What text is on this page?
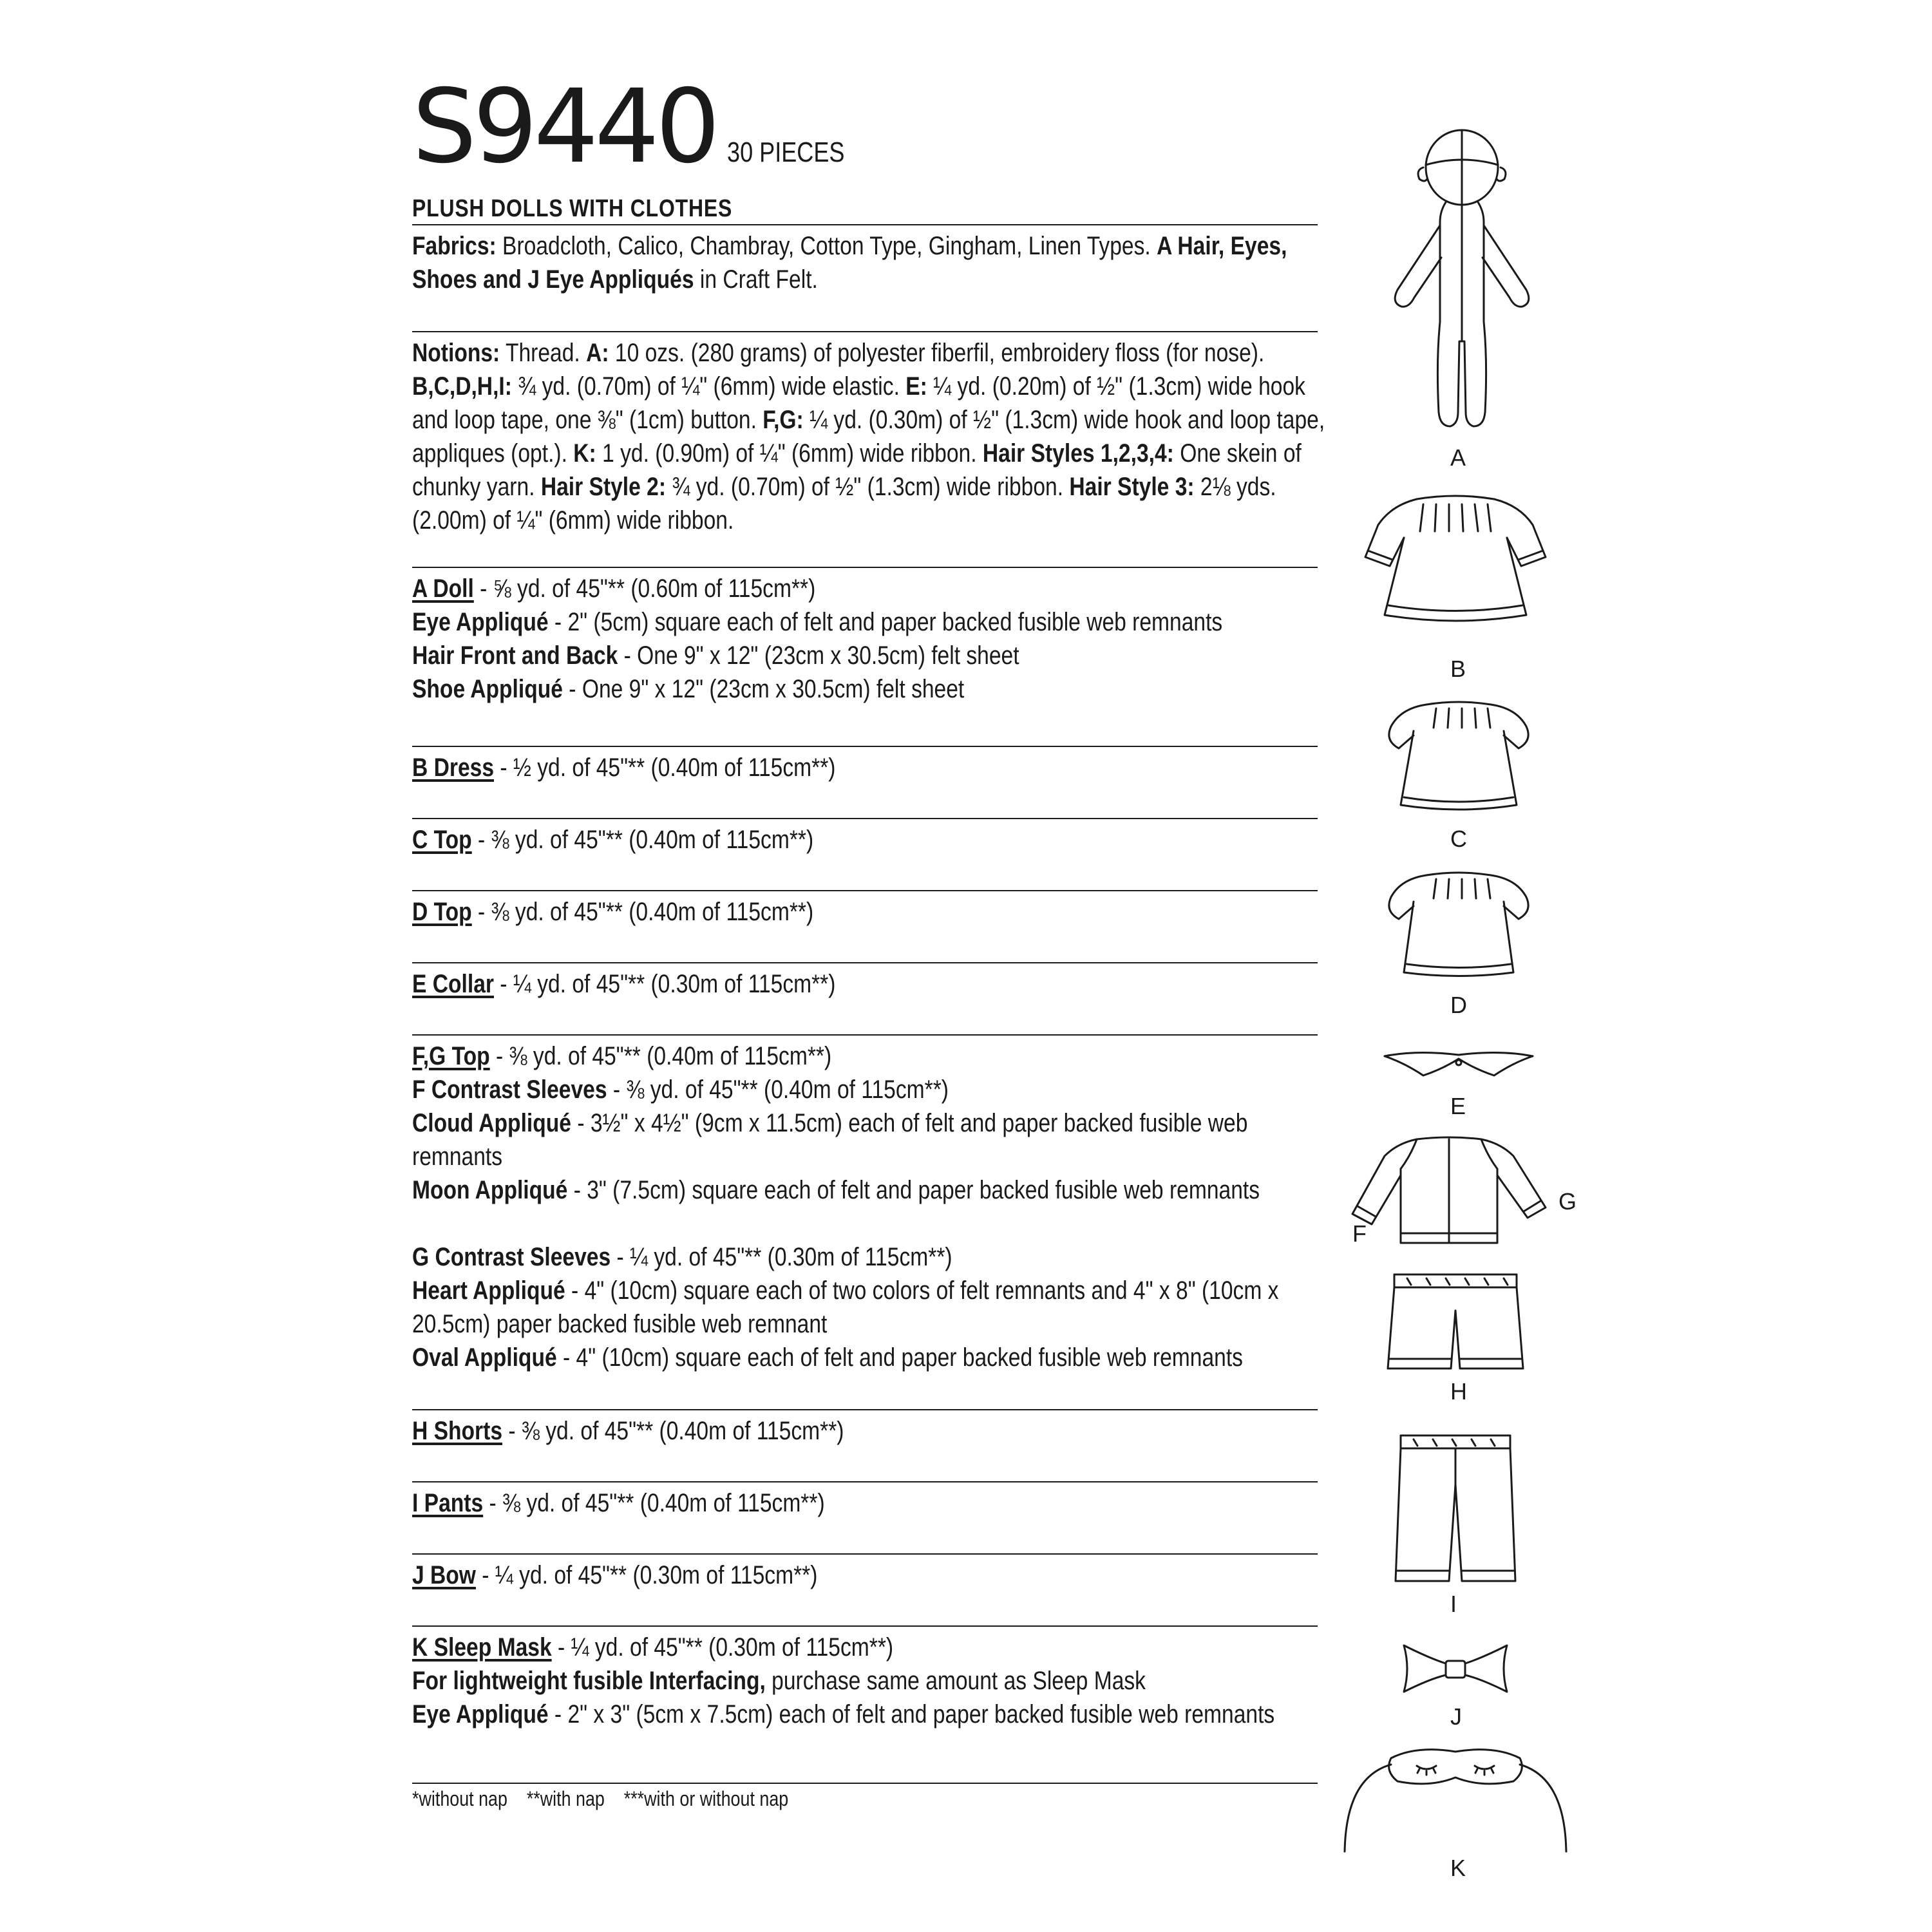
S9440 30 PIECES
PLUSH DOLLS WITH CLOTHES
Fabrics: Broadcloth, Calico, Chambray, Cotton Type, Gingham, Linen Types. A Hair, Eyes, Shoes and J Eye Appliqués in Craft Felt.
Notions: Thread. A: 10 ozs. (280 grams) of polyester fiberfil, embroidery floss (for nose). B,C,D,H,I: ¾ yd. (0.70m) of ¼" (6mm) wide elastic. E: ¼ yd. (0.20m) of ½" (1.3cm) wide hook and loop tape, one ⅜" (1cm) button. F,G: ¼ yd. (0.30m) of ½" (1.3cm) wide hook and loop tape, appliques (opt.). K: 1 yd. (0.90m) of ¼" (6mm) wide ribbon. Hair Styles 1,2,3,4: One skein of chunky yarn. Hair Style 2: ¾ yd. (0.70m) of ½" (1.3cm) wide ribbon. Hair Style 3: 2⅛ yds. (2.00m) of ¼" (6mm) wide ribbon.
A Doll - ⅝ yd. of 45"** (0.60m of 115cm**)
Eye Appliqué - 2" (5cm) square each of felt and paper backed fusible web remnants
Hair Front and Back - One 9" x 12" (23cm x 30.5cm) felt sheet
Shoe Appliqué - One 9" x 12" (23cm x 30.5cm) felt sheet
B Dress - ½ yd. of 45"** (0.40m of 115cm**)
C Top - ⅜ yd. of 45"** (0.40m of 115cm**)
D Top - ⅜ yd. of 45"** (0.40m of 115cm**)
E Collar - ¼ yd. of 45"** (0.30m of 115cm**)
F,G Top - ⅜ yd. of 45"** (0.40m of 115cm**)
F Contrast Sleeves - ⅜ yd. of 45"** (0.40m of 115cm**)
Cloud Appliqué - 3½" x 4½" (9cm x 11.5cm) each of felt and paper backed fusible web remnants
Moon Appliqué - 3" (7.5cm) square each of felt and paper backed fusible web remnants
G Contrast Sleeves - ¼ yd. of 45"** (0.30m of 115cm**)
Heart Appliqué - 4" (10cm) square each of two colors of felt remnants and 4" x 8" (10cm x 20.5cm) paper backed fusible web remnant
Oval Appliqué - 4" (10cm) square each of felt and paper backed fusible web remnants
H Shorts - ⅜ yd. of 45"** (0.40m of 115cm**)
I Pants - ⅜ yd. of 45"** (0.40m of 115cm**)
J Bow - ¼ yd. of 45"** (0.30m of 115cm**)
K Sleep Mask - ¼ yd. of 45"** (0.30m of 115cm**)
For lightweight fusible Interfacing, purchase same amount as Sleep Mask
Eye Appliqué - 2" x 3" (5cm x 7.5cm) each of felt and paper backed fusible web remnants
*without nap    **with nap    ***with or without nap
A
B
C
D
E
F
G
H
I
J
K
